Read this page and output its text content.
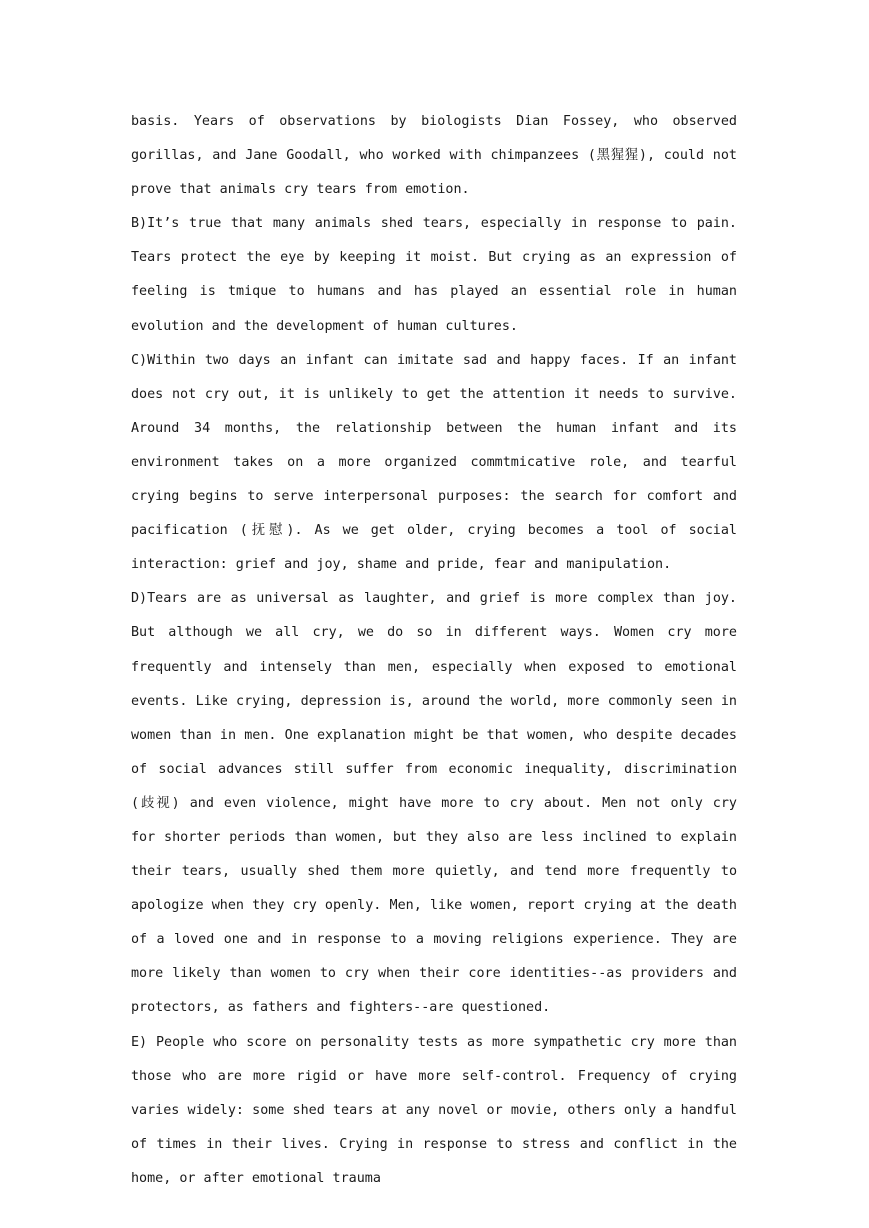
basis. Years of observations by biologists Dian Fossey, who observed gorillas, and Jane Goodall, who worked with chimpanzees (黑猩猩), could not prove that animals cry tears from emotion.

B)It’s true that many animals shed tears, especially in response to pain. Tears protect the eye by keeping it moist. But crying as an expression of feeling is tmique to humans and has played an essential role in human evolution and the development of human cultures.

C)Within two days an infant can imitate sad and happy faces. If an infant does not cry out, it is unlikely to get the attention it needs to survive. Around 34 months, the relationship between the human infant and its environment takes on a more organized commtmicative role, and tearful crying begins to serve interpersonal purposes: the search for comfort and pacification (抚慰). As we get older, crying becomes a tool of social interaction: grief and joy, shame and pride, fear and manipulation.

D)Tears are as universal as laughter, and grief is more complex than joy. But although we all cry, we do so in different ways. Women cry more frequently and intensely than men, especially when exposed to emotional events. Like crying, depression is, around the world, more commonly seen in women than in men. One explanation might be that women, who despite decades of social advances still suffer from economic inequality, discrimination (歧视) and even violence, might have more to cry about. Men not only cry for shorter periods than women, but they also are less inclined to explain their tears, usually shed them more quietly, and tend more frequently to apologize when they cry openly. Men, like women, report crying at the death of a loved one and in response to a moving religions experience. They are more likely than women to cry when their core identities--as providers and protectors, as fathers and fighters--are questioned.

E) People who score on personality tests as more sympathetic cry more than those who are more rigid or have more self-control. Frequency of crying varies widely: some shed tears at any novel or movie, others only a handful of times in their lives. Crying in response to stress and conflict in the home, or after emotional trauma
